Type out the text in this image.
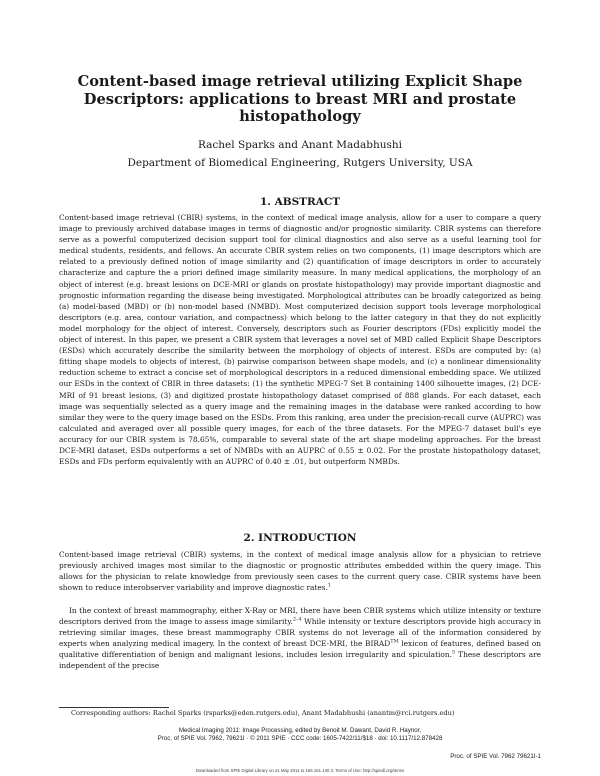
Content-based image retrieval utilizing Explicit Shape Descriptors: applications to breast MRI and prostate histopathology
Rachel Sparks and Anant Madabhushi
Department of Biomedical Engineering, Rutgers University, USA
1. ABSTRACT
Content-based image retrieval (CBIR) systems, in the context of medical image analysis, allow for a user to compare a query image to previously archived database images in terms of diagnostic and/or prognostic similarity. CBIR systems can therefore serve as a powerful computerized decision support tool for clinical diagnostics and also serve as a useful learning tool for medical students, residents, and fellows. An accurate CBIR system relies on two components, (1) image descriptors which are related to a previously defined notion of image similarity and (2) quantification of image descriptors in order to accurately characterize and capture the a priori defined image similarity measure. In many medical applications, the morphology of an object of interest (e.g. breast lesions on DCE-MRI or glands on prostate histopathology) may provide important diagnostic and prognostic information regarding the disease being investigated. Morphological attributes can be broadly categorized as being (a) model-based (MBD) or (b) non-model based (NMBD). Most computerized decision support tools leverage morphological descriptors (e.g. area, contour variation, and compactness) which belong to the latter category in that they do not explicitly model morphology for the object of interest. Conversely, descriptors such as Fourier descriptors (FDs) explicitly model the object of interest. In this paper, we present a CBIR system that leverages a novel set of MBD called Explicit Shape Descriptors (ESDs) which accurately describe the similarity between the morphology of objects of interest. ESDs are computed by: (a) fitting shape models to objects of interest, (b) pairwise comparison between shape models, and (c) a nonlinear dimensionality reduction scheme to extract a concise set of morphological descriptors in a reduced dimensional embedding space. We utilized our ESDs in the context of CBIR in three datasets: (1) the synthetic MPEG-7 Set B containing 1400 silhouette images, (2) DCE-MRI of 91 breast lesions, (3) and digitized prostate histopathology dataset comprised of 888 glands. For each dataset, each image was sequentially selected as a query image and the remaining images in the database were ranked according to how similar they were to the query image based on the ESDs. From this ranking, area under the precision-recall curve (AUPRC) was calculated and averaged over all possible query images, for each of the three datasets. For the MPEG-7 dataset bull's eye accuracy for our CBIR system is 78.65%, comparable to several state of the art shape modeling approaches. For the breast DCE-MRI dataset, ESDs outperforms a set of NMBDs with an AUPRC of 0.55 ± 0.02. For the prostate histopathology dataset, ESDs and FDs perform equivalently with an AUPRC of 0.40 ± .01, but outperform NMBDs.
2. INTRODUCTION
Content-based image retrieval (CBIR) systems, in the context of medical image analysis allow for a physician to retrieve previously archived images most similar to the diagnostic or prognostic attributes embedded within the query image. This allows for the physician to relate knowledge from previously seen cases to the current query case. CBIR systems have been shown to reduce interobserver variability and improve diagnostic rates.$^1$
In the context of breast mammography, either X-Ray or MRI, there have been CBIR systems which utilize intensity or texture descriptors derived from the image to assess image similarity.$^{2-4}$ While intensity or texture descriptors provide high accuracy in retrieving similar images, these breast mammography CBIR systems do not leverage all of the information considered by experts when analyzing medical imagery. In the context of breast DCE-MRI, the BIRAD™ lexicon of features, defined based on qualitative differentiation of benign and malignant lesions, includes lesion irregularity and spiculation.$^5$ These descriptors are independent of the precise
Corresponding authors: Rachel Sparks (rsparks@eden.rutgers.edu), Anant Madabhushi (anantm@rci.rutgers.edu)
Medical Imaging 2011: Image Processing, edited by Benoit M. Dawant, David R. Haynor,
Proc. of SPIE Vol. 7962, 79621I · © 2011 SPIE · CCC code: 1605-7422/11/$18 · doi: 10.1117/12.878428
Proc. of SPIE Vol. 7962 79621I-1
Downloaded from SPIE Digital Library on 21 May 2011 to 165.151.130.3. Terms of Use: http://spiedl.org/terms
